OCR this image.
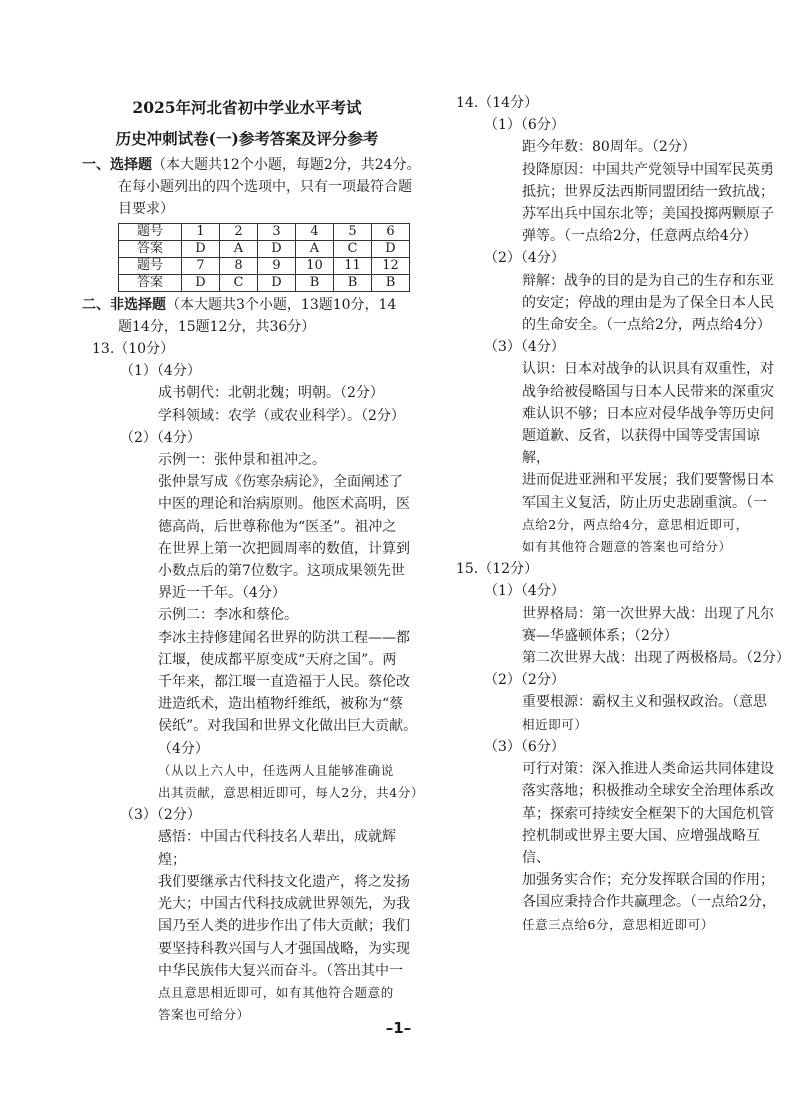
2025年河北省初中学业水平考试

历史冲刺试卷(一)参考答案及评分参考

一、选择题（本大题共12个小题，每题2分，共24分。

在每小题列出的四个选项中，只有一项最符合题

目要求）

题号	1	2	3	4	5	6
答案	D	A	D	A	C	D
题号	7	8	9	10	11	12
答案	D	C	D	B	B	B

二、非选择题（本大题共3个小题，13题10分，14

题14分，15题12分，共36分）

13.（10分）

（1）（4分）

成书朝代：北朝北魏；明朝。（2分）

学科领域：农学（或农业科学）。（2分）

（2）（4分）

示例一：张仲景和祖冲之。

张仲景写成《伤寒杂病论》，全面阐述了

中医的理论和治病原则。他医术高明，医

德高尚，后世尊称他为“医圣”。祖冲之

在世界上第一次把圆周率的数值，计算到

小数点后的第7位数字。这项成果领先世

界近一千年。（4分）

示例二：李冰和蔡伦。

李冰主持修建闻名世界的防洪工程——都

江堰，使成都平原变成“天府之国”。两

千年来，都江堰一直造福于人民。蔡伦改

进造纸术，造出植物纤维纸，被称为“蔡

侯纸”。对我国和世界文化做出巨大贡献。

（4分）

（从以上六人中，任选两人且能够准确说

出其贡献，意思相近即可，每人2分，共4分）

（3）（2分）

感悟：中国古代科技名人辈出，成就辉煌；

我们要继承古代科技文化遗产，将之发扬

光大；中国古代科技成就世界领先，为我

国乃至人类的进步作出了伟大贡献；我们

要坚持科教兴国与人才强国战略，为实现

中华民族伟大复兴而奋斗。（答出其中一

点且意思相近即可，如有其他符合题意的

答案也可给分）

14.（14分）

（1）（6分）

距今年数：80周年。（2分）

投降原因：中国共产党领导中国军民英勇

抵抗；世界反法西斯同盟团结一致抗战；

苏军出兵中国东北等；美国投掷两颗原子

弹等。（一点给2分，任意两点给4分）

（2）（4分）

辩解：战争的目的是为自己的生存和东亚

的安定；停战的理由是为了保全日本人民

的生命安全。（一点给2分，两点给4分）

（3）（4分）

认识：日本对战争的认识具有双重性，对

战争给被侵略国与日本人民带来的深重灾

难认识不够；日本应对侵华战争等历史问

题道歉、反省，以获得中国等受害国谅解，

进而促进亚洲和平发展；我们要警惕日本

军国主义复活，防止历史悲剧重演。（一

点给2分，两点给4分，意思相近即可，

如有其他符合题意的答案也可给分）

15.（12分）

（1）（4分）

世界格局：第一次世界大战：出现了凡尔

赛—华盛顿体系；（2分）

第二次世界大战：出现了两极格局。（2分）

（2）（2分）

重要根源：霸权主义和强权政治。（意思

相近即可）

（3）（6分）

可行对策：深入推进人类命运共同体建设

落实落地；积极推动全球安全治理体系改

革；探索可持续安全框架下的大国危机管

控机制或世界主要大国、应增强战略互信、

加强务实合作；充分发挥联合国的作用；

各国应秉持合作共赢理念。（一点给2分，

任意三点给6分，意思相近即可）

–1–
